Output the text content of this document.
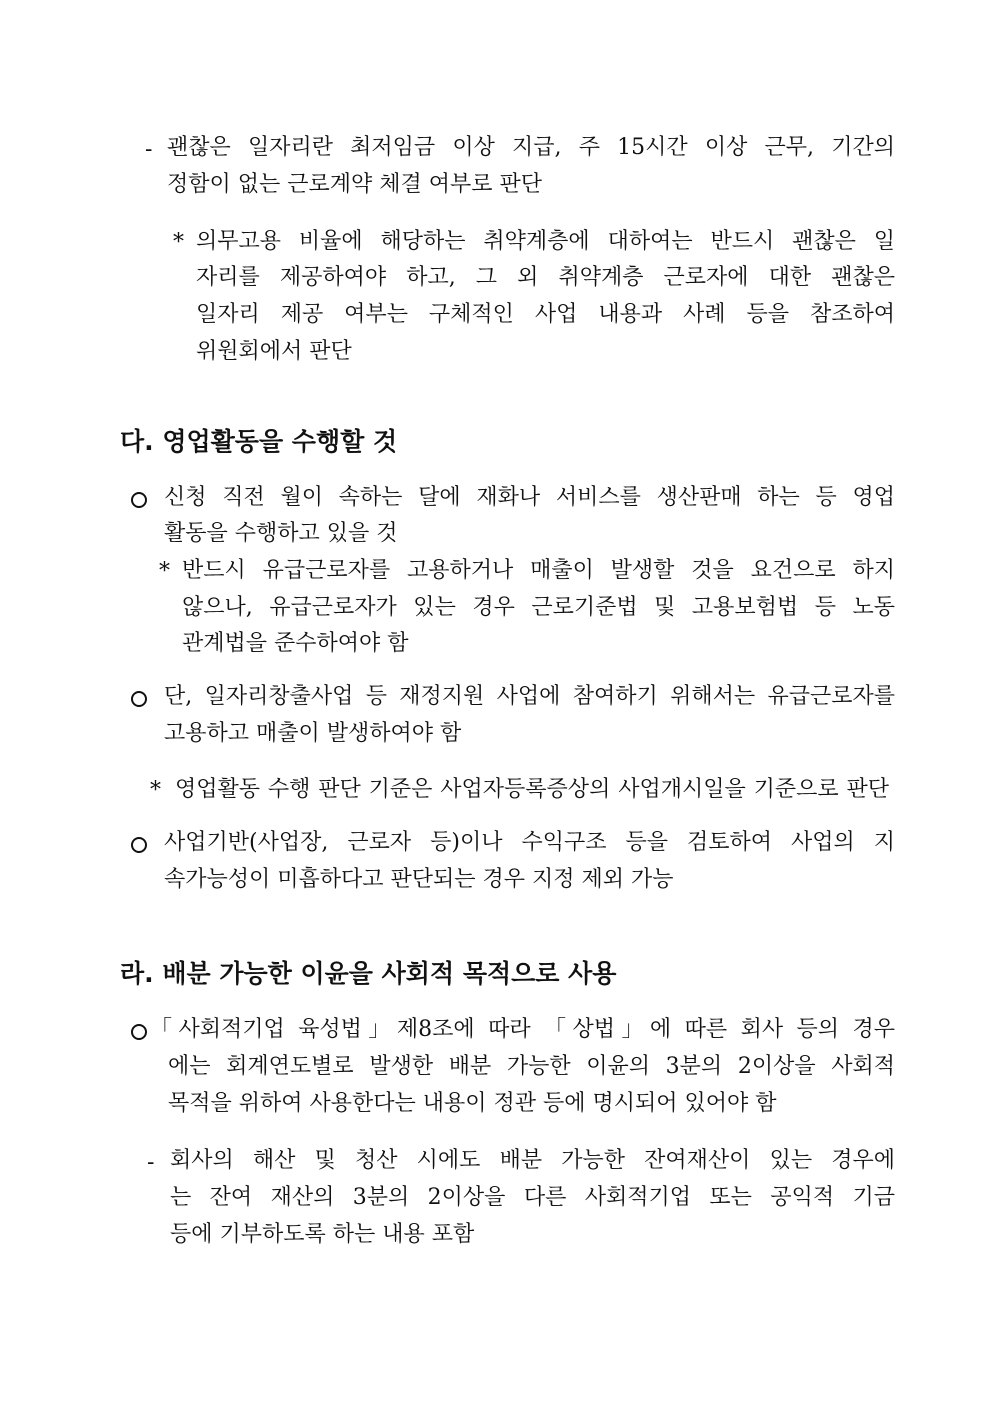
- 괜찮은 일자리란 최저임금 이상 지급, 주 15시간 이상 근무, 기간의
정함이 없는 근로계약 체결 여부로 판단
* 의무고용 비율에 해당하는 취약계층에 대하여는 반드시 괜찮은 일
자리를 제공하여야 하고, 그 외 취약계층 근로자에 대한 괜찮은
일자리 제공 여부는 구체적인 사업 내용과 사례 등을 참조하여
위원회에서 판단
다. 영업활동을 수행할 것
신청 직전 월이 속하는 달에 재화나 서비스를 생산판매 하는 등 영업
활동을 수행하고 있을 것
* 반드시 유급근로자를 고용하거나 매출이 발생할 것을 요건으로 하지
않으나, 유급근로자가 있는 경우 근로기준법 및 고용보험법 등 노동
관계법을 준수하여야 함
단, 일자리창출사업 등 재정지원 사업에 참여하기 위해서는 유급근로자를
고용하고 매출이 발생하여야 함
* 영업활동 수행 판단 기준은 사업자등록증상의 사업개시일을 기준으로 판단
사업기반(사업장, 근로자 등)이나 수익구조 등을 검토하여 사업의 지
속가능성이 미흡하다고 판단되는 경우 지정 제외 가능
라. 배분 가능한 이윤을 사회적 목적으로 사용
「사회적기업 육성법」제8조에 따라 「상법」에 따른 회사 등의 경우
에는 회계연도별로 발생한 배분 가능한 이윤의 3분의 2이상을 사회적
목적을 위하여 사용한다는 내용이 정관 등에 명시되어 있어야 함
- 회사의 해산 및 청산 시에도 배분 가능한 잔여재산이 있는 경우에
는 잔여 재산의 3분의 2이상을 다른 사회적기업 또는 공익적 기금
등에 기부하도록 하는 내용 포함
